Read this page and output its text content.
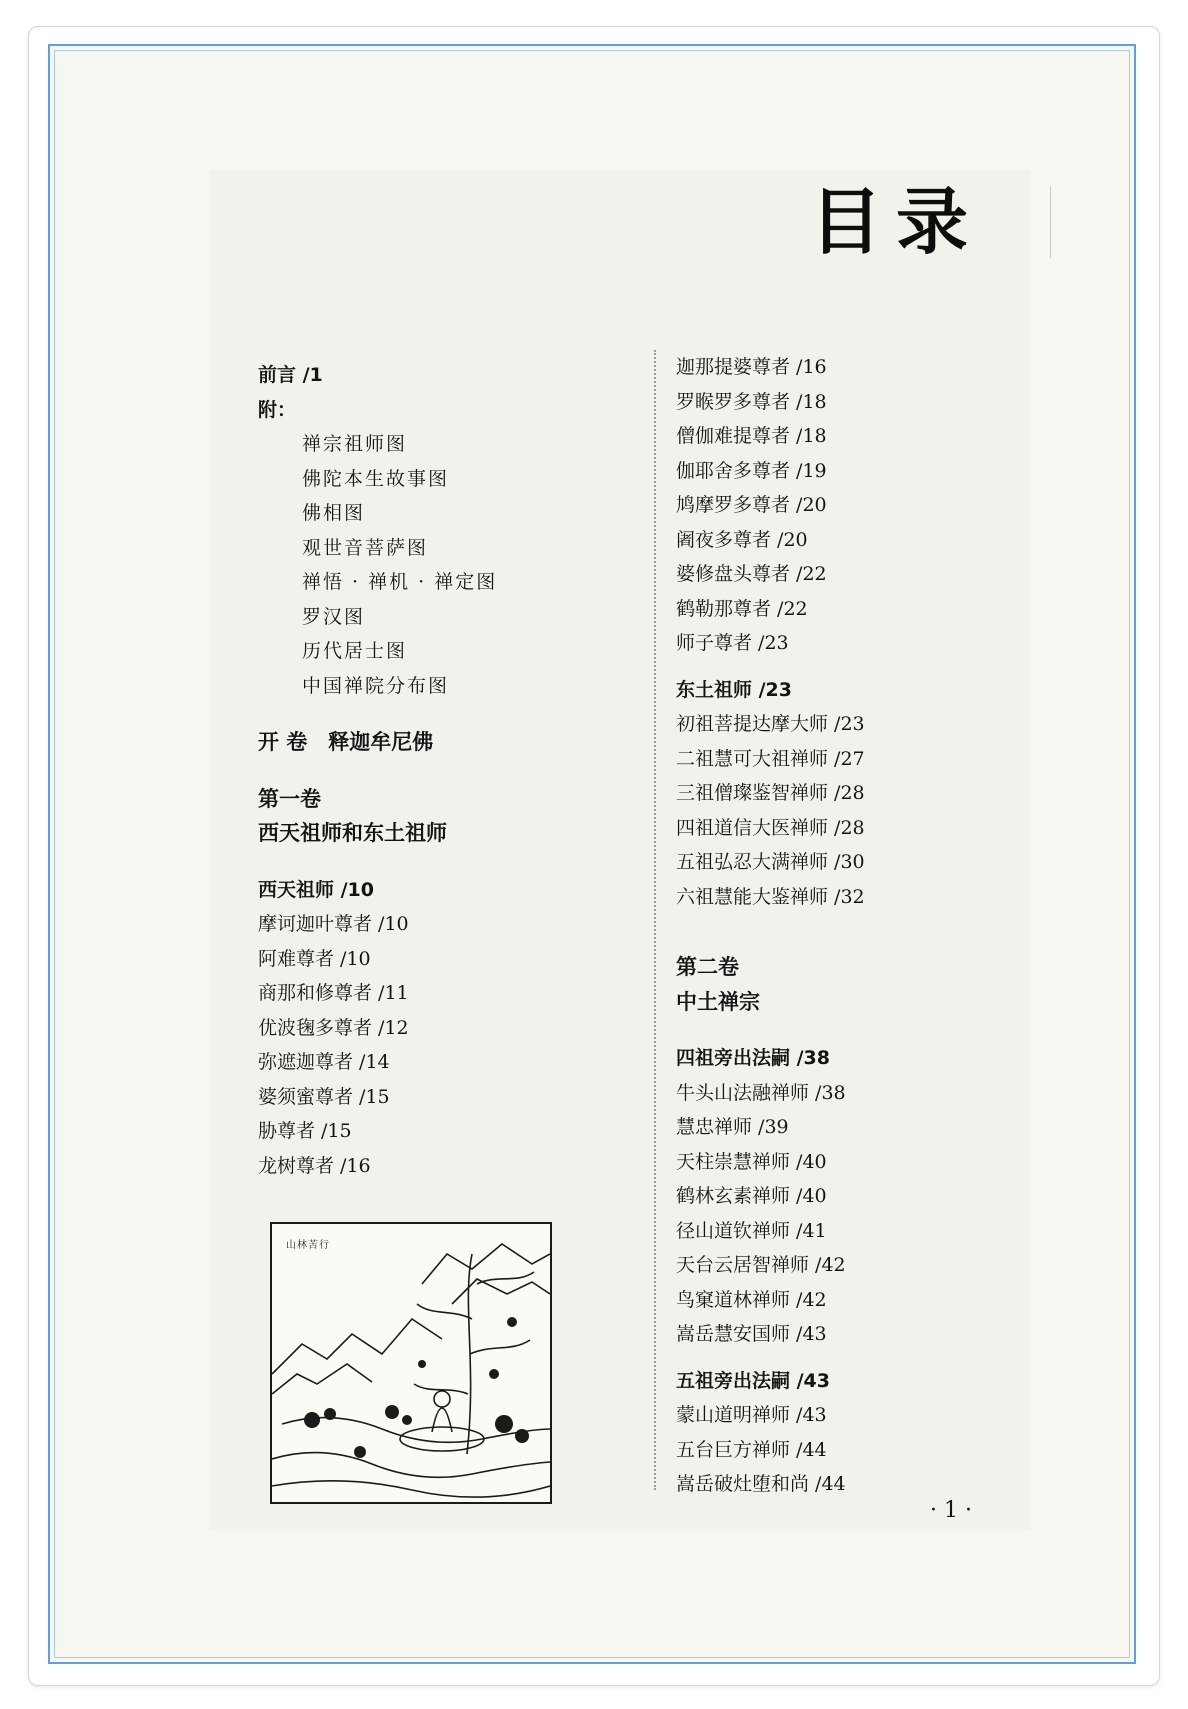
目录
前言 /1
附：
禅宗祖师图
佛陀本生故事图
佛相图
观世音菩萨图
禅悟 · 禅机 · 禅定图
罗汉图
历代居士图
中国禅院分布图
开 卷　释迦牟尼佛
第一卷
西天祖师和东土祖师
西天祖师 /10
摩诃迦叶尊者 /10
阿难尊者 /10
商那和修尊者 /11
优波毱多尊者 /12
弥遮迦尊者 /14
婆须蜜尊者 /15
胁尊者 /15
龙树尊者 /16
迦那提婆尊者 /16
罗睺罗多尊者 /18
僧伽难提尊者 /18
伽耶舍多尊者 /19
鸠摩罗多尊者 /20
阇夜多尊者 /20
婆修盘头尊者 /22
鹤勒那尊者 /22
师子尊者 /23
东土祖师 /23
初祖菩提达摩大师 /23
二祖慧可大祖禅师 /27
三祖僧璨鉴智禅师 /28
四祖道信大医禅师 /28
五祖弘忍大满禅师 /30
六祖慧能大鉴禅师 /32
第二卷
中土禅宗
四祖旁出法嗣 /38
牛头山法融禅师 /38
慧忠禅师 /39
天柱崇慧禅师 /40
鹤林玄素禅师 /40
径山道钦禅师 /41
天台云居智禅师 /42
鸟窠道林禅师 /42
嵩岳慧安国师 /43
五祖旁出法嗣 /43
蒙山道明禅师 /43
五台巨方禅师 /44
嵩岳破灶堕和尚 /44
山林苦行
· 1 ·
